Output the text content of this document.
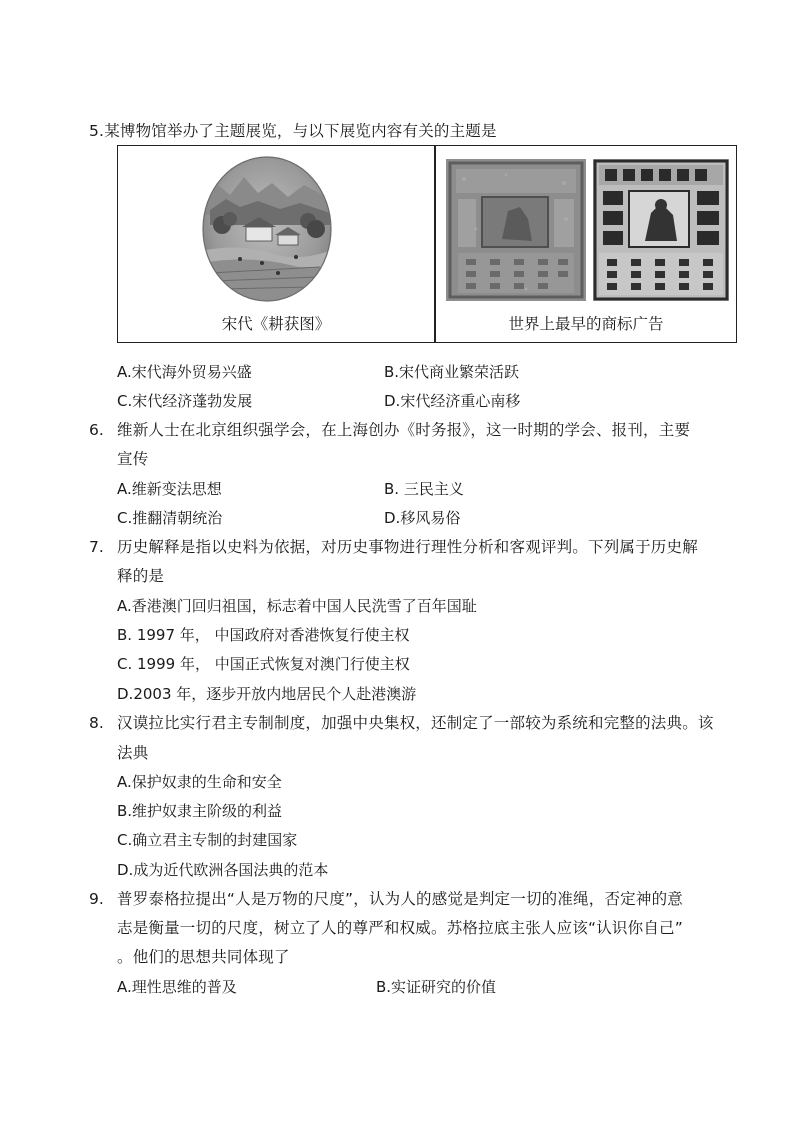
5.某博物馆举办了主题展览，与以下展览内容有关的主题是
宋代《耕获图》	世界上最早的商标广告
A.宋代海外贸易兴盛	B.宋代商业繁荣活跃
C.宋代经济蓬勃发展	D.宋代经济重心南移
6. 维新人士在北京组织强学会，在上海创办《时务报》，这一时期的学会、报刊，主要
宣传
A.维新变法思想	B. 三民主义
C.推翻清朝统治	D.移风易俗
7. 历史解释是指以史料为依据，对历史事物进行理性分析和客观评判。下列属于历史解
释的是
A.香港澳门回归祖国，标志着中国人民洗雪了百年国耻
B. 1997 年， 中国政府对香港恢复行使主权
C. 1999 年， 中国正式恢复对澳门行使主权
D.2003 年，逐步开放内地居民个人赴港澳游
8. 汉谟拉比实行君主专制制度，加强中央集权，还制定了一部较为系统和完整的法典。该
法典
A.保护奴隶的生命和安全
B.维护奴隶主阶级的利益
C.确立君主专制的封建国家
D.成为近代欧洲各国法典的范本
9. 普罗泰格拉提出“人是万物的尺度”，认为人的感觉是判定一切的准绳，否定神的意
志是衡量一切的尺度，树立了人的尊严和权威。苏格拉底主张人应该“认识你自己”
。他们的思想共同体现了
A.理性思维的普及	B.实证研究的价值
